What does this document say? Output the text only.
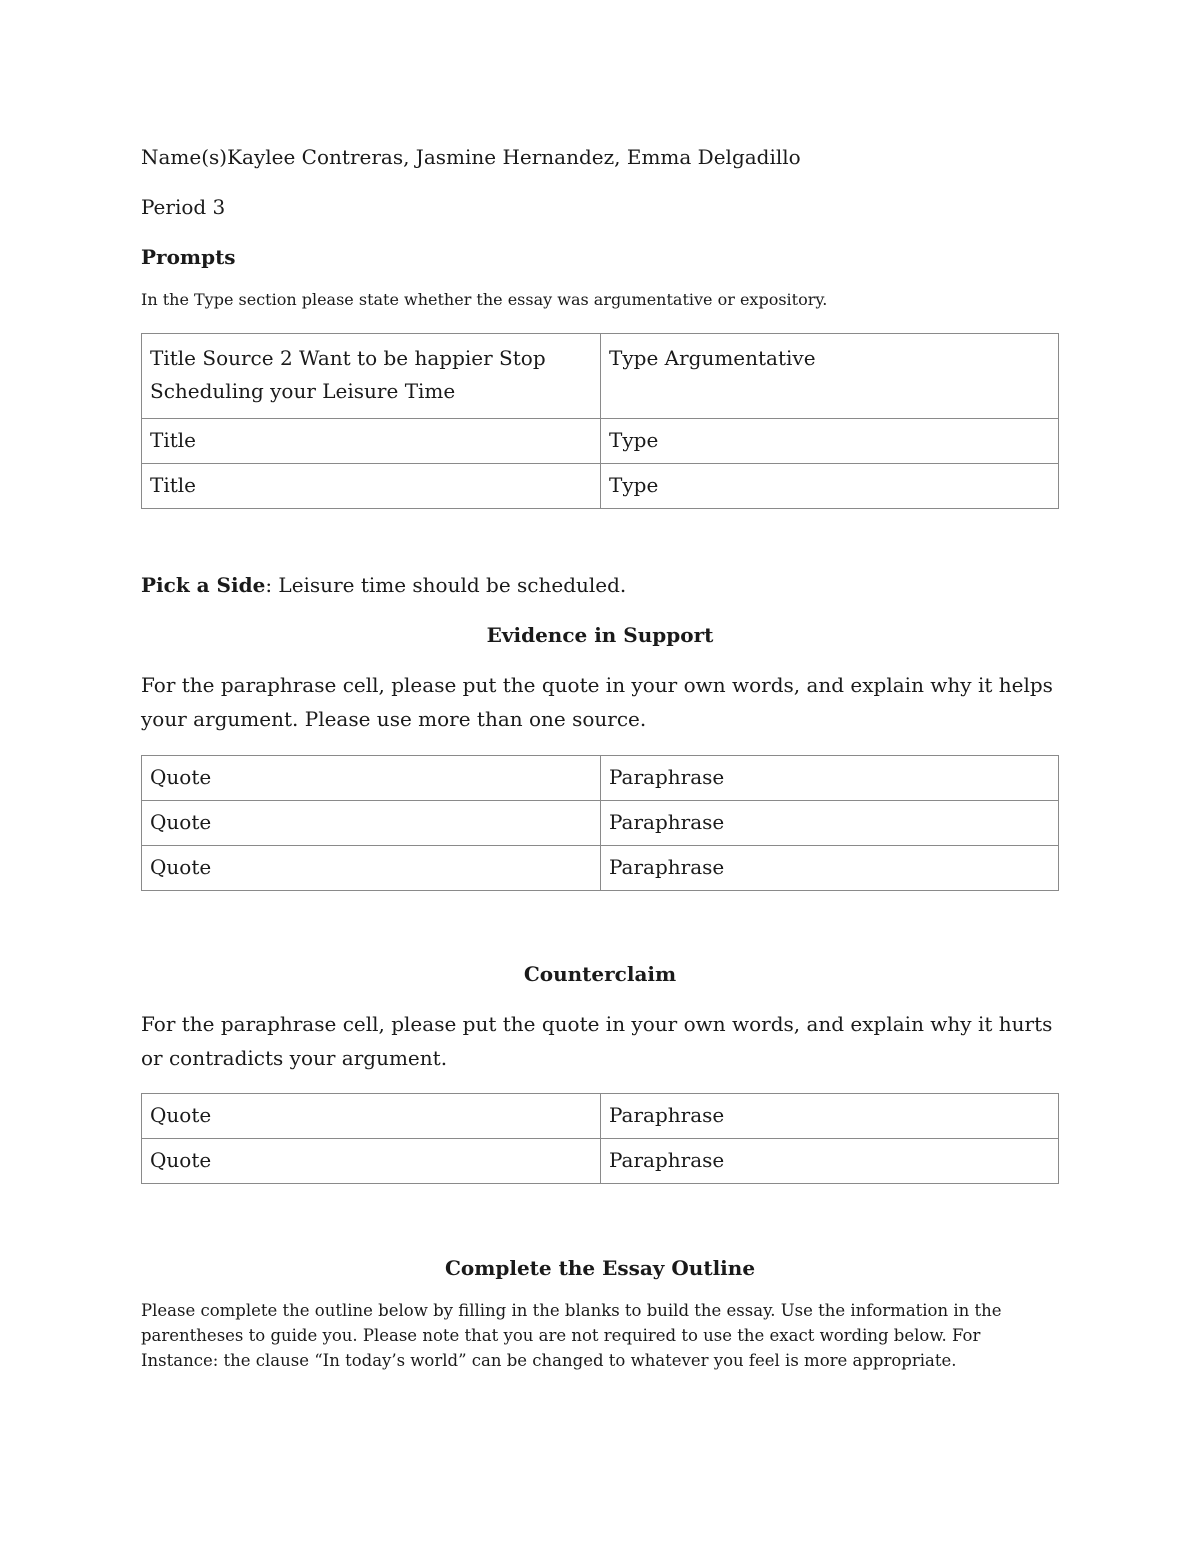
Name(s)Kaylee Contreras, Jasmine Hernandez, Emma Delgadillo
Period 3
Prompts
In the Type section please state whether the essay was argumentative or expository.
Title Source 2 Want to be happier Stop Scheduling your Leisure Time	Type Argumentative
Title	Type
Title	Type
Pick a Side: Leisure time should be scheduled.
Evidence in Support
For the paraphrase cell, please put the quote in your own words, and explain why it helps your argument. Please use more than one source.
Quote	Paraphrase
Quote	Paraphrase
Quote	Paraphrase
Counterclaim
For the paraphrase cell, please put the quote in your own words, and explain why it hurts or contradicts your argument.
Quote	Paraphrase
Quote	Paraphrase
Complete the Essay Outline
Please complete the outline below by filling in the blanks to build the essay. Use the information in the parentheses to guide you. Please note that you are not required to use the exact wording below. For Instance: the clause “In today’s world” can be changed to whatever you feel is more appropriate.
